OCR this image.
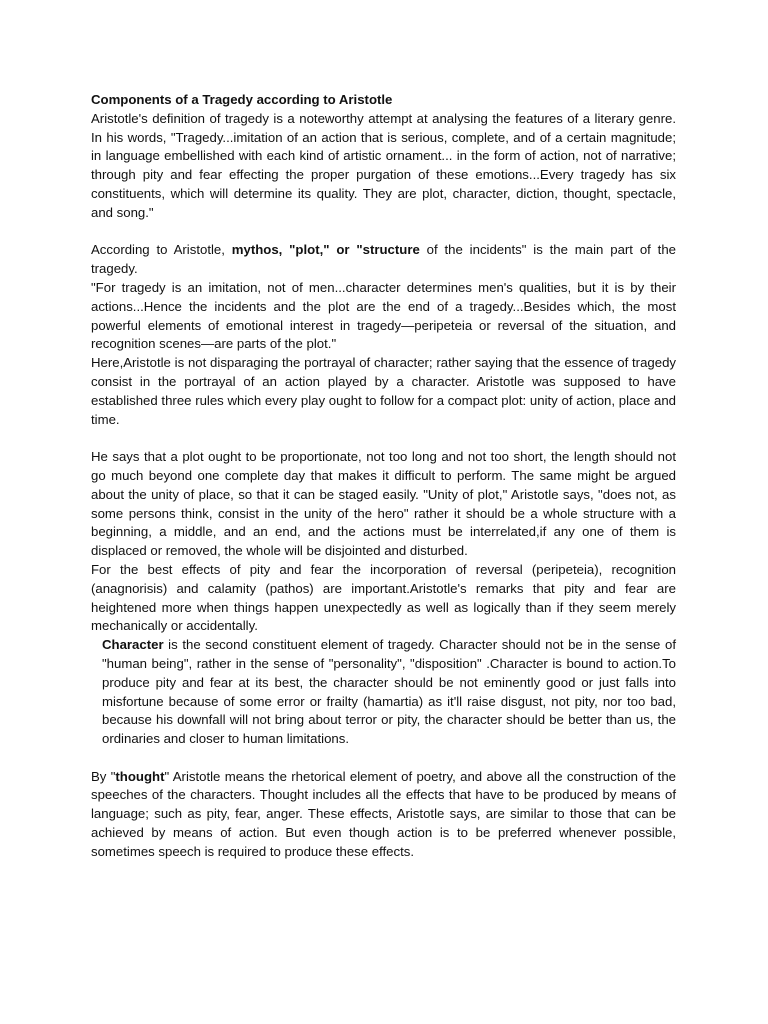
Components of a Tragedy according to Aristotle

Aristotle's definition of tragedy is a noteworthy attempt at analysing the features of a literary genre. In his words, "Tragedy...imitation of an action that is serious, complete, and of a certain magnitude; in language embellished with each kind of artistic ornament... in the form of action, not of narrative; through pity and fear effecting the proper purgation of these emotions...Every tragedy has six constituents, which will determine its quality. They are plot, character, diction, thought, spectacle, and song."

According to Aristotle, mythos, "plot," or "structure of the incidents" is the main part of the tragedy.

"For tragedy is an imitation, not of men...character determines men's qualities, but it is by their actions...Hence the incidents and the plot are the end of a tragedy...Besides which, the most powerful elements of emotional interest in tragedy—peripeteia or reversal of the situation, and recognition scenes—are parts of the plot."

Here,Aristotle is not disparaging the portrayal of character; rather saying that the essence of tragedy consist in the portrayal of an action played by a character. Aristotle was supposed to have established three rules which every play ought to follow for a compact plot: unity of action, place and time.

He says that a plot ought to be proportionate, not too long and not too short, the length should not go much beyond one complete day that makes it difficult to perform. The same might be argued about the unity of place, so that it can be staged easily. "Unity of plot," Aristotle says, "does not, as some persons think, consist in the unity of the hero" rather it should be a whole structure with a beginning, a middle, and an end, and the actions must be interrelated,if any one of them is displaced or removed, the whole will be disjointed and disturbed.

For the best effects of pity and fear the incorporation of reversal (peripeteia), recognition (anagnorisis) and calamity (pathos) are important.Aristotle's remarks that pity and fear are heightened more when things happen unexpectedly as well as logically than if they seem merely mechanically or accidentally.

Character is the second constituent element of tragedy. Character should not be in the sense of "human being", rather in the sense of "personality", "disposition" .Character is bound to action.To produce pity and fear at its best, the character should be not eminently good or just falls into misfortune because of some error or frailty (hamartia) as it'll raise disgust, not pity, nor too bad, because his downfall will not bring about terror or pity, the character should be better than us, the ordinaries and closer to human limitations.

By "thought" Aristotle means the rhetorical element of poetry, and above all the construction of the speeches of the characters. Thought includes all the effects that have to be produced by means of language; such as pity, fear, anger. These effects, Aristotle says, are similar to those that can be achieved by means of action. But even though action is to be preferred whenever possible, sometimes speech is required to produce these effects.
